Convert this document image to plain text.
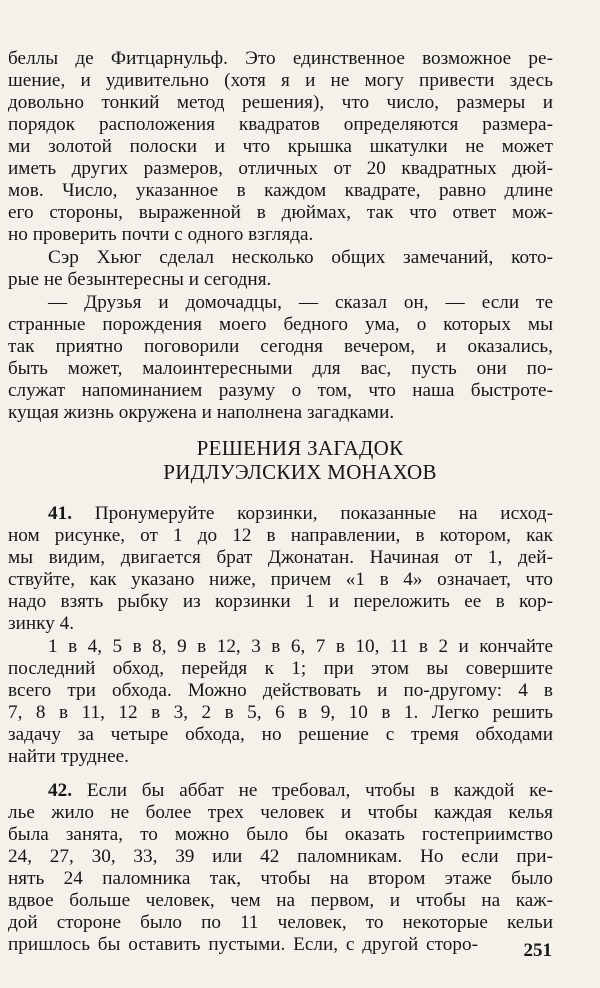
беллы де Фитцарнульф. Это единственное возможное ре-
шение, и удивительно (хотя я и не могу привести здесь
довольно тонкий метод решения), что число, размеры и
порядок расположения квадратов определяются размера-
ми золотой полоски и что крышка шкатулки не может
иметь других размеров, отличных от 20 квадратных дюй-
мов. Число, указанное в каждом квадрате, равно длине
его стороны, выраженной в дюймах, так что ответ мож-
но проверить почти с одного взгляда.
Сэр Хьюг сделал несколько общих замечаний, кото-
рые не безынтересны и сегодня.
— Друзья и домочадцы, — сказал он, — если те
странные порождения моего бедного ума, о которых мы
так приятно поговорили сегодня вечером, и оказались,
быть может, малоинтересными для вас, пусть они по-
служат напоминанием разуму о том, что наша быстроте-
кущая жизнь окружена и наполнена загадками.
РЕШЕНИЯ ЗАГАДОК
РИДЛУЭЛСКИХ МОНАХОВ
41. Пронумеруйте корзинки, показанные на исход-
ном рисунке, от 1 до 12 в направлении, в котором, как
мы видим, двигается брат Джонатан. Начиная от 1, дей-
ствуйте, как указано ниже, причем «1 в 4» означает, что
надо взять рыбку из корзинки 1 и переложить ее в кор-
зинку 4.
1 в 4, 5 в 8, 9 в 12, 3 в 6, 7 в 10, 11 в 2 и кончайте
последний обход, перейдя к 1; при этом вы совершите
всего три обхода. Можно действовать и по-другому: 4 в
7, 8 в 11, 12 в 3, 2 в 5, 6 в 9, 10 в 1. Легко решить
задачу за четыре обхода, но решение с тремя обходами
найти труднее.
42. Если бы аббат не требовал, чтобы в каждой ке-
лье жило не более трех человек и чтобы каждая келья
была занята, то можно было бы оказать гостеприимство
24, 27, 30, 33, 39 или 42 паломникам. Но если при-
нять 24 паломника так, чтобы на втором этаже было
вдвое больше человек, чем на первом, и чтобы на каж-
дой стороне было по 11 человек, то некоторые кельи
пришлось бы оставить пустыми. Если, с другой сторо- 251
